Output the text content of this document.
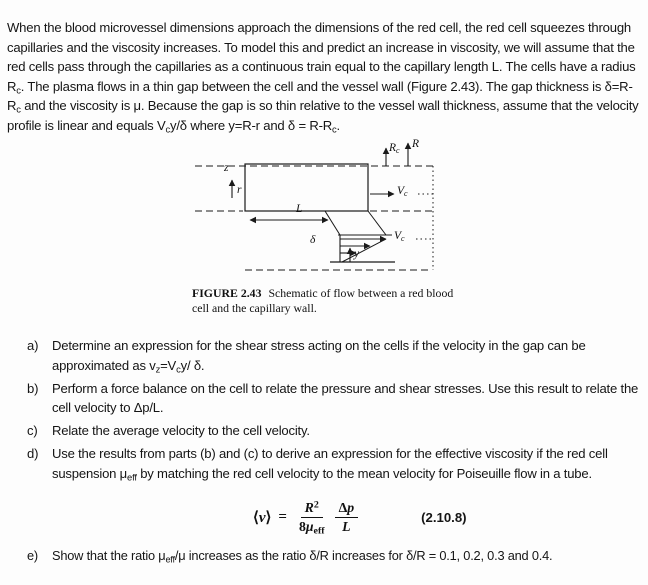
When the blood microvessel dimensions approach the dimensions of the red cell, the red cell squeezes through capillaries and the viscosity increases. To model this and predict an increase in viscosity, we will assume that the red cells pass through the capillaries as a continuous train equal to the capillary length L. The cells have a radius $R_c$. The plasma flows in a thin gap between the cell and the vessel wall (Figure 2.43). The gap thickness is $\delta=R-R_c$ and the viscosity is μ. Because the gap is so thin relative to the vessel wall thickness, assume that the velocity profile is linear and equals $V_cy/\delta$ where y=R-r and $\delta = R-R_c$.

z
r
$R_c$
R
$V_c$
L
$V_c$
δ
y

FIGURE 2.43 Schematic of flow between a red blood cell and the capillary wall.

a)	Determine an expression for the shear stress acting on the cells if the velocity in the gap can be approximated as $v_z=V_cy/$ δ.
b)	Perform a force balance on the cell to relate the pressure and shear stresses. Use this result to relate the cell velocity to Δp/L.
c)	Relate the average velocity to the cell velocity.
d)	Use the results from parts (b) and (c) to derive an expression for the effective viscosity if the red cell suspension $\mu_{eff}$ by matching the red cell velocity to the mean velocity for Poiseuille flow in a tube.
⟨v⟩ = $\frac{R^2}{8\mu_{eff}} \frac{\Delta p}{L}$	(2.10.8)
e)	Show that the ratio $\mu_{eff}/\mu$ increases as the ratio δ/R increases for δ/R = 0.1, 0.2, 0.3 and 0.4.
